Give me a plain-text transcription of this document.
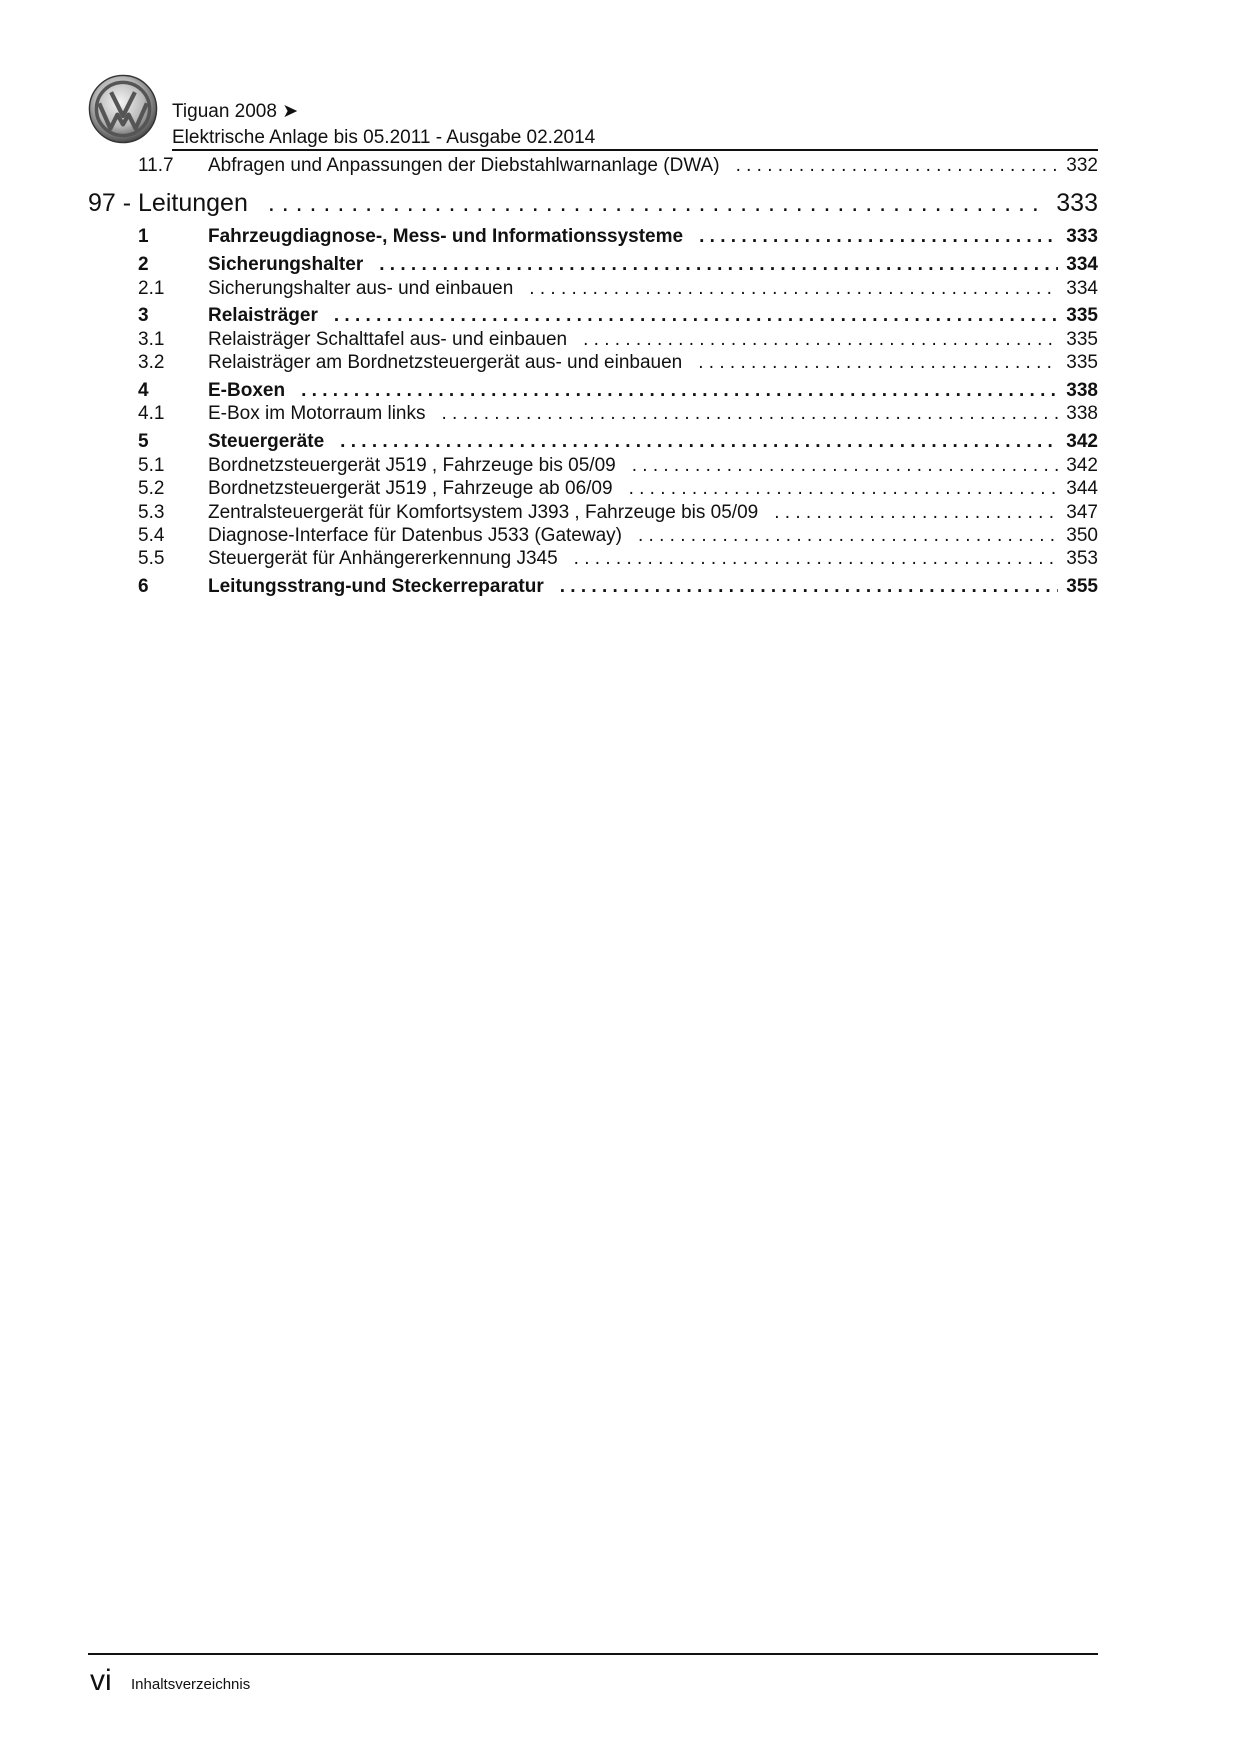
Tiguan 2008 ➤
Elektrische Anlage bis 05.2011 - Ausgabe 02.2014
11.7	Abfragen und Anpassungen der Diebstahlwarnanlage (DWA) . . .	332
97 - Leitungen . . .	333
1	Fahrzeugdiagnose-, Mess- und Informationssysteme . . .	333
2	Sicherungshalter . . .	334
2.1	Sicherungshalter aus- und einbauen . . .	334
3	Relaisträger . . .	335
3.1	Relaisträger Schalttafel aus- und einbauen . . .	335
3.2	Relaisträger am Bordnetzsteuergerät aus- und einbauen . . .	335
4	E-Boxen . . .	338
4.1	E-Box im Motorraum links . . .	338
5	Steuergeräte . . .	342
5.1	Bordnetzsteuergerät J519 , Fahrzeuge bis 05/09 . . .	342
5.2	Bordnetzsteuergerät J519 , Fahrzeuge ab 06/09 . . .	344
5.3	Zentralsteuergerät für Komfortsystem J393 , Fahrzeuge bis 05/09 . . .	347
5.4	Diagnose-Interface für Datenbus J533 (Gateway) . . .	350
5.5	Steuergerät für Anhängererkennung J345 . . .	353
6	Leitungsstrang-und Steckerreparatur . . .	355
vi Inhaltsverzeichnis
